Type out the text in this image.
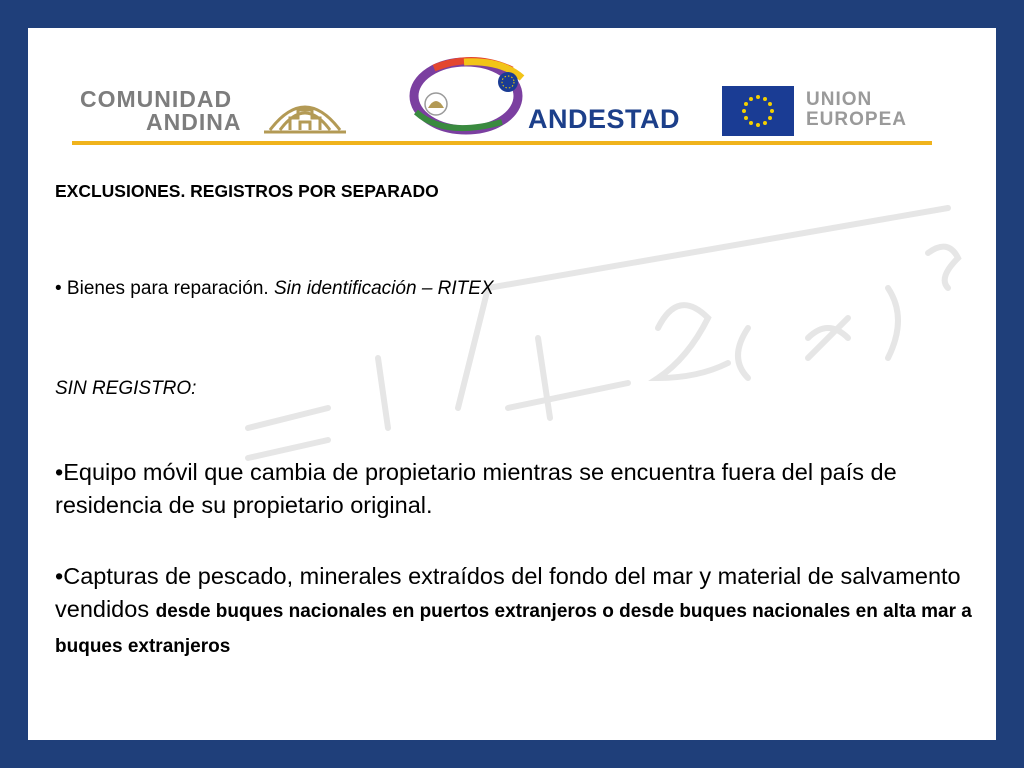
COMUNIDAD
ANDINA	ANDESTAD
UNION
EUROPEA
EXCLUSIONES. REGISTROS POR SEPARADO
• Bienes para reparación. Sin identificación – RITEX
SIN REGISTRO:
•Equipo móvil que cambia de propietario mientras se encuentra fuera del país de residencia de su propietario original.
•Capturas de pescado, minerales extraídos del fondo del mar y material de salvamento vendidos desde buques nacionales en puertos extranjeros o desde buques nacionales en alta mar a buques extranjeros
